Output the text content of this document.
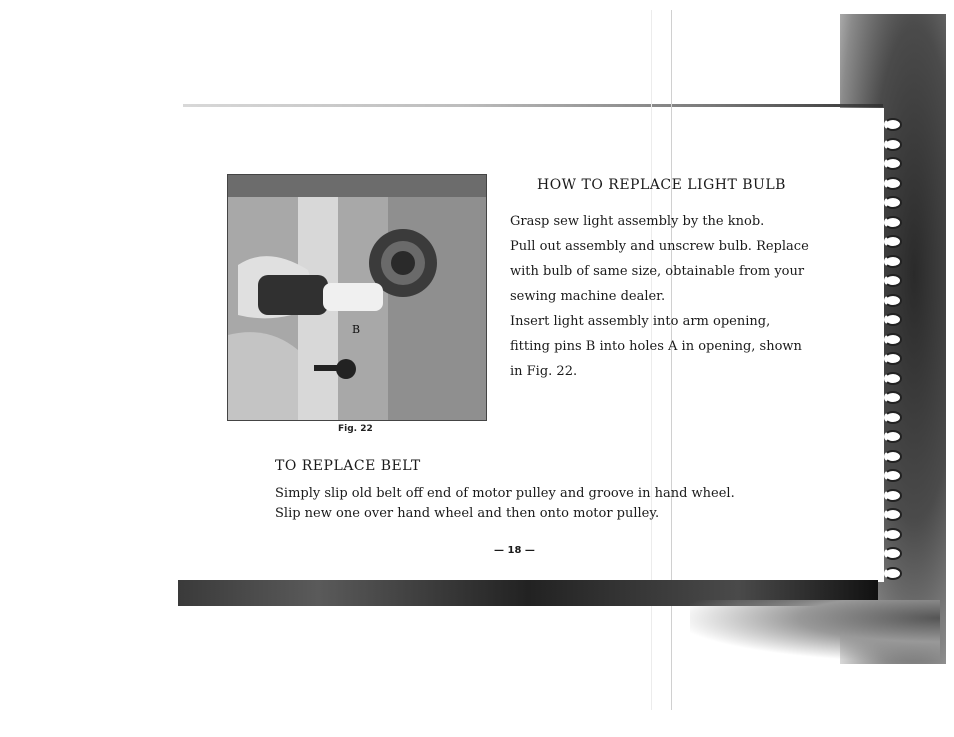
B
Fig. 22
HOW TO REPLACE LIGHT BULB

Grasp sew light assembly by the knob.

Pull out assembly and unscrew bulb. Replace with bulb of same size, obtainable from your sewing machine dealer.

Insert light assembly into arm opening, fitting pins B into holes A in opening, shown in Fig. 22.

TO REPLACE BELT

Simply slip old belt off end of motor pulley and groove in hand wheel.

Slip new one over hand wheel and then onto motor pulley.

— 18 —
